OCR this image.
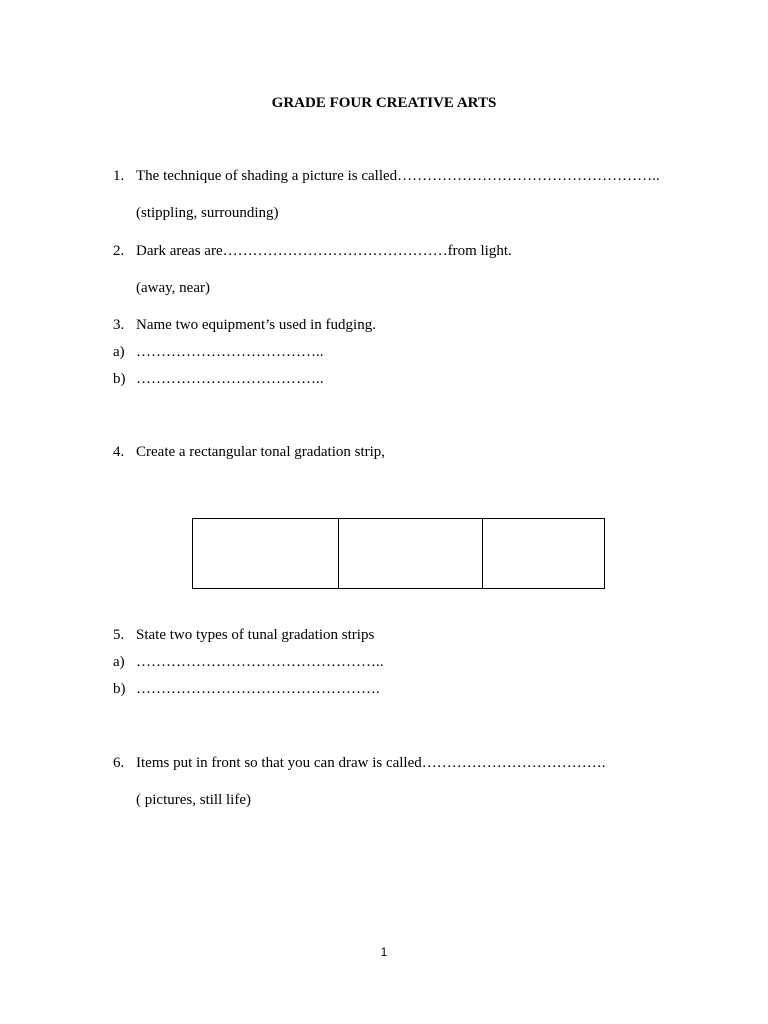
GRADE FOUR CREATIVE ARTS
1. The technique of shading a picture is called……………………………………………..
(stippling, surrounding)
2. Dark areas are………………………………………from light.
(away, near)
3. Name two equipment’s used in fudging.
a) ………………………………..
b) ………………………………..
4. Create a rectangular tonal gradation strip,
5. State two types of tunal gradation strips
a) …………………………………………..
b) ………………………………………….
6. Items put in front so that you can draw is called……………………………….
( pictures, still life)
1
